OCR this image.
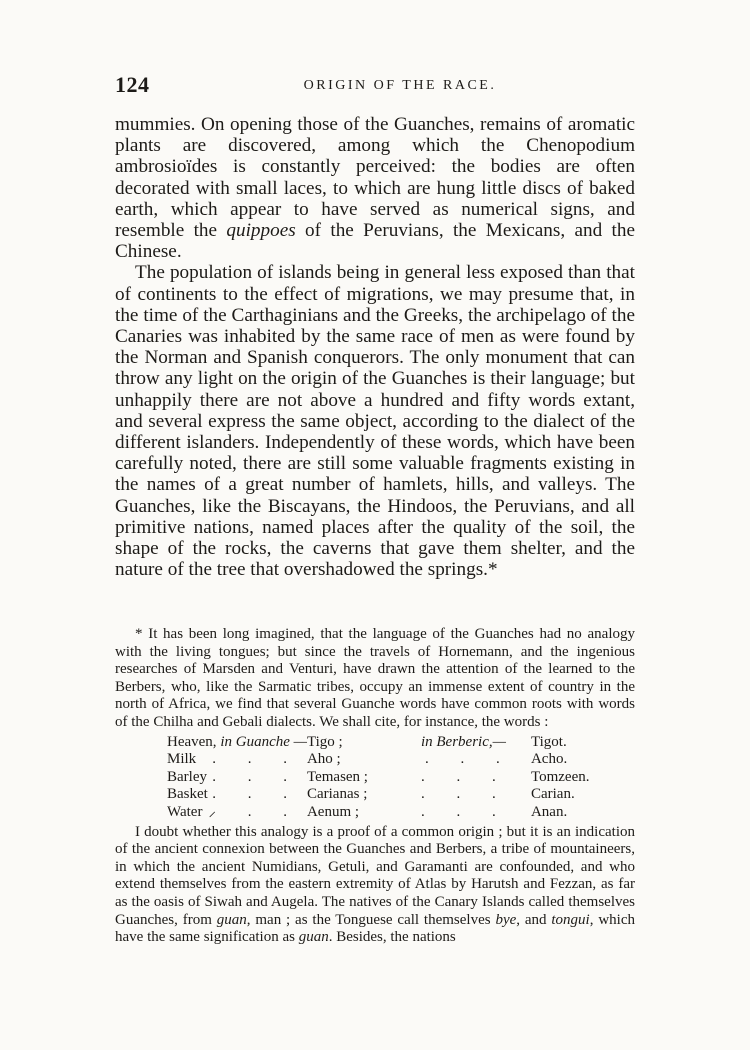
124	ORIGIN OF THE RACE.

mummies. On opening those of the Guanches, remains of aromatic plants are discovered, among which the Chenopodium ambrosioïdes is constantly perceived: the bodies are often decorated with small laces, to which are hung little discs of baked earth, which appear to have served as numerical signs, and resemble the quippoes of the Peruvians, the Mexicans, and the Chinese.

The population of islands being in general less exposed than that of continents to the effect of migrations, we may presume that, in the time of the Carthaginians and the Greeks, the archipelago of the Canaries was inhabited by the same race of men as were found by the Norman and Spanish conquerors. The only monument that can throw any light on the origin of the Guanches is their language; but unhappily there are not above a hundred and fifty words extant, and several express the same object, according to the dialect of the different islanders. Independently of these words, which have been carefully noted, there are still some valuable fragments existing in the names of a great number of hamlets, hills, and valleys. The Guanches, like the Biscayans, the Hindoos, the Peruvians, and all primitive nations, named places after the quality of the soil, the shape of the rocks, the caverns that gave them shelter, and the nature of the tree that overshadowed the springs.*

* It has been long imagined, that the language of the Guanches had no analogy with the living tongues; but since the travels of Hornemann, and the ingenious researches of Marsden and Venturi, have drawn the attention of the learned to the Berbers, who, like the Sarmatic tribes, occupy an immense extent of country in the north of Africa, we find that several Guanche words have common roots with words of the Chilha and Gebali dialects. We shall cite, for instance, the words :

Heaven, in Guanche —	Tigo ;	in Berberic,—	Tigot.
Milk . . .	Aho ;	. . .	Acho.
Barley . . .	Temasen ;	. . .	Tomzeen.
Basket . . .	Carianas ;	. . .	Carian.
Water ⸝ . .	Aenum ;	. . .	Anan.

I doubt whether this analogy is a proof of a common origin ; but it is an indication of the ancient connexion between the Guanches and Berbers, a tribe of mountaineers, in which the ancient Numidians, Getuli, and Garamanti are confounded, and who extend themselves from the eastern extremity of Atlas by Harutsh and Fezzan, as far as the oasis of Siwah and Augela. The natives of the Canary Islands called themselves Guanches, from guan, man ; as the Tonguese call themselves bye, and tongui, which have the same signification as guan. Besides, the nations
